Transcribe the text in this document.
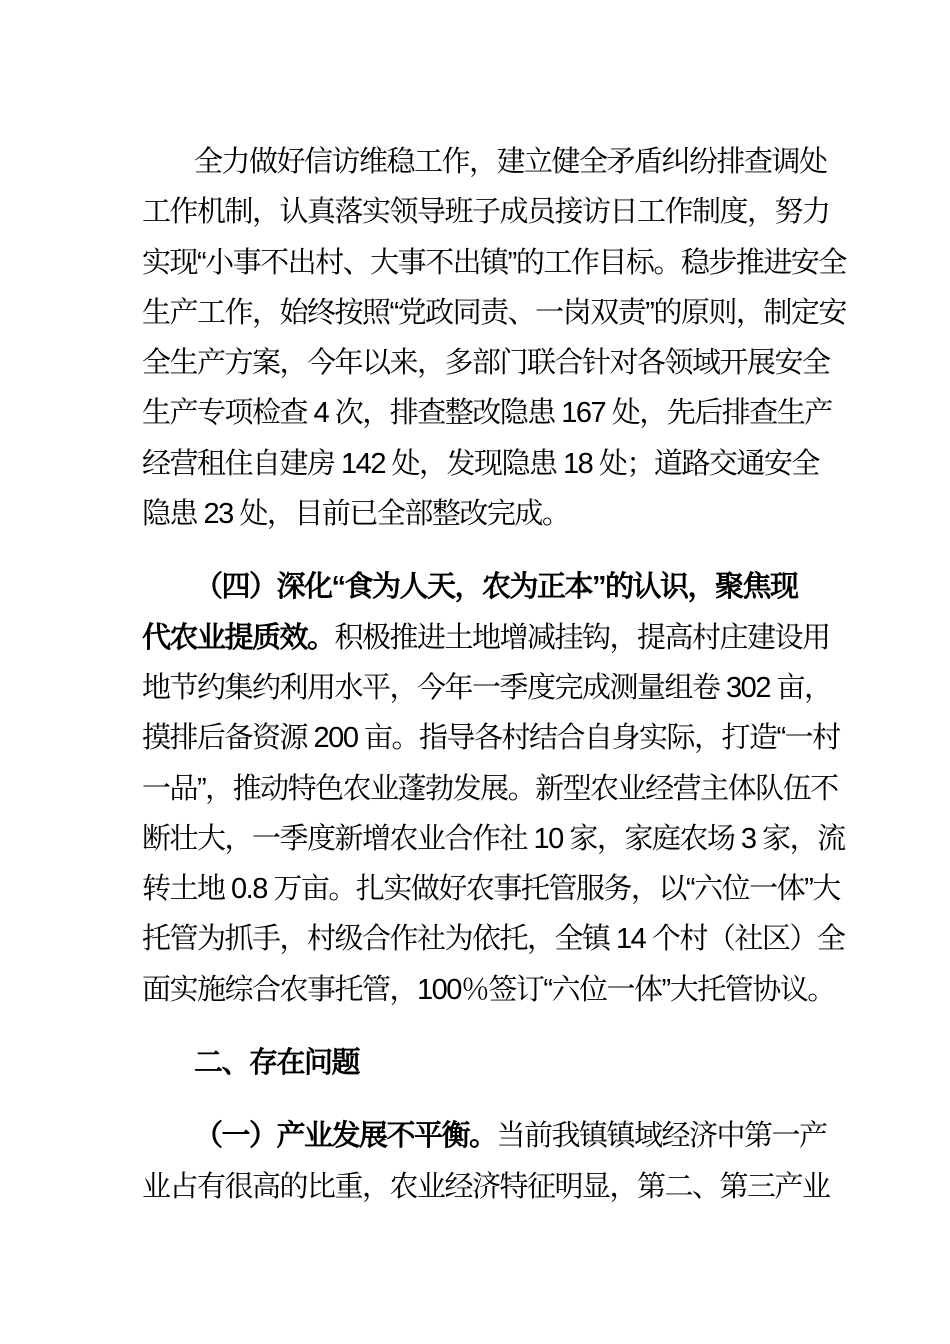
全力做好信访维稳工作，建立健全矛盾纠纷排查调处
工作机制，认真落实领导班子成员接访日工作制度，努力
实现“小事不出村、大事不出镇”的工作目标。稳步推进安全
生产工作，始终按照“党政同责、一岗双责”的原则，制定安
全生产方案，今年以来，多部门联合针对各领域开展安全
生产专项检查 4 次，排查整改隐患 167 处，先后排查生产
经营租住自建房 142 处，发现隐患 18 处；道路交通安全
隐患 23 处，目前已全部整改完成。
（四）深化“食为人天，农为正本”的认识，聚焦现
代农业提质效。积极推进土地增减挂钩，提高村庄建设用
地节约集约利用水平，今年一季度完成测量组卷 302 亩，
摸排后备资源 200 亩。指导各村结合自身实际，打造“一村
一品”，推动特色农业蓬勃发展。新型农业经营主体队伍不
断壮大，一季度新增农业合作社 10 家，家庭农场 3 家，流
转土地 0.8 万亩。扎实做好农事托管服务，以“六位一体”大
托管为抓手，村级合作社为依托，全镇 14 个村（社区）全
面实施综合农事托管，100％签订“六位一体”大托管协议。
二、存在问题
（一）产业发展不平衡。当前我镇镇域经济中第一产
业占有很高的比重，农业经济特征明显，第二、第三产业
